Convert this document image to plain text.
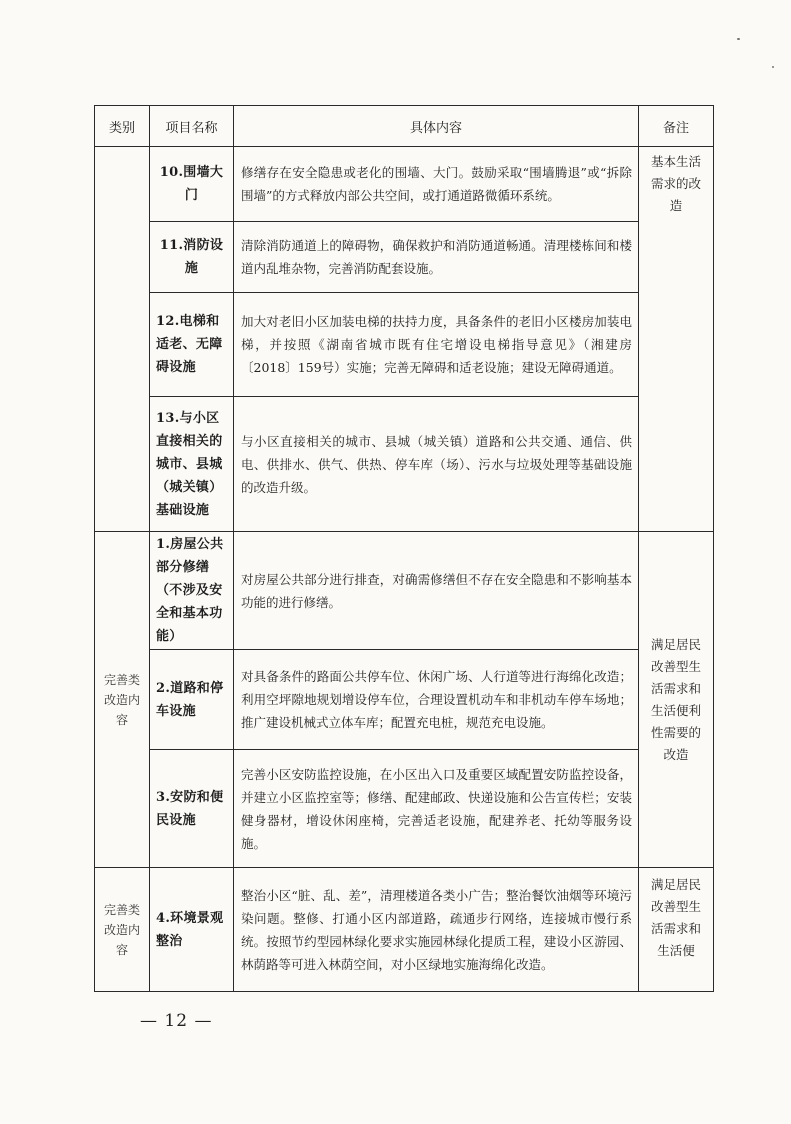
类别	项目名称	具体内容	备注
	10.围墙大门	修缮存在安全隐患或老化的围墙、大门。鼓励采取“围墙腾退”或“拆除围墙”的方式释放内部公共空间，或打通道路微循环系统。	基本生活需求的改造

	11.消防设施	清除消防通道上的障碍物，确保救护和消防通道畅通。清理楼栋间和楼道内乱堆杂物，完善消防配套设施。	
	12.电梯和适老、无障碍设施	加大对老旧小区加装电梯的扶持力度，具备条件的老旧小区楼房加装电梯，并按照《湖南省城市既有住宅增设电梯指导意见》（湘建房〔2018〕159号）实施；完善无障碍和适老设施；建设无障碍通道。	
	13.与小区直接相关的城市、县城（城关镇）基础设施	与小区直接相关的城市、县城（城关镇）道路和公共交通、通信、供电、供排水、供气、供热、停车库（场）、污水与垃圾处理等基础设施的改造升级。	

完善类改造内容	1.房屋公共部分修缮（不涉及安全和基本功能）	对房屋公共部分进行排查，对确需修缮但不存在安全隐患和不影响基本功能的进行修缮。	满足居民改善型生活需求和生活便利性需要的改造

	2.道路和停车设施	对具备条件的路面公共停车位、休闲广场、人行道等进行海绵化改造；利用空坪隙地规划增设停车位，合理设置机动车和非机动车停车场地；推广建设机械式立体车库；配置充电桩，规范充电设施。	
	3.安防和便民设施	完善小区安防监控设施，在小区出入口及重要区域配置安防监控设备，并建立小区监控室等；修缮、配建邮政、快递设施和公告宣传栏；安装健身器材，增设休闲座椅，完善适老设施，配建养老、托幼等服务设施。	

完善类改造内容	4.环境景观整治	整治小区“脏、乱、差”，清理楼道各类小广告；整治餐饮油烟等环境污染问题。整修、打通小区内部道路，疏通步行网络，连接城市慢行系统。按照节约型园林绿化要求实施园林绿化提质工程，建设小区游园、林荫路等可进入林荫空间，对小区绿地实施海绵化改造。	满足居民改善型生活需求和生活便
— 12 —
